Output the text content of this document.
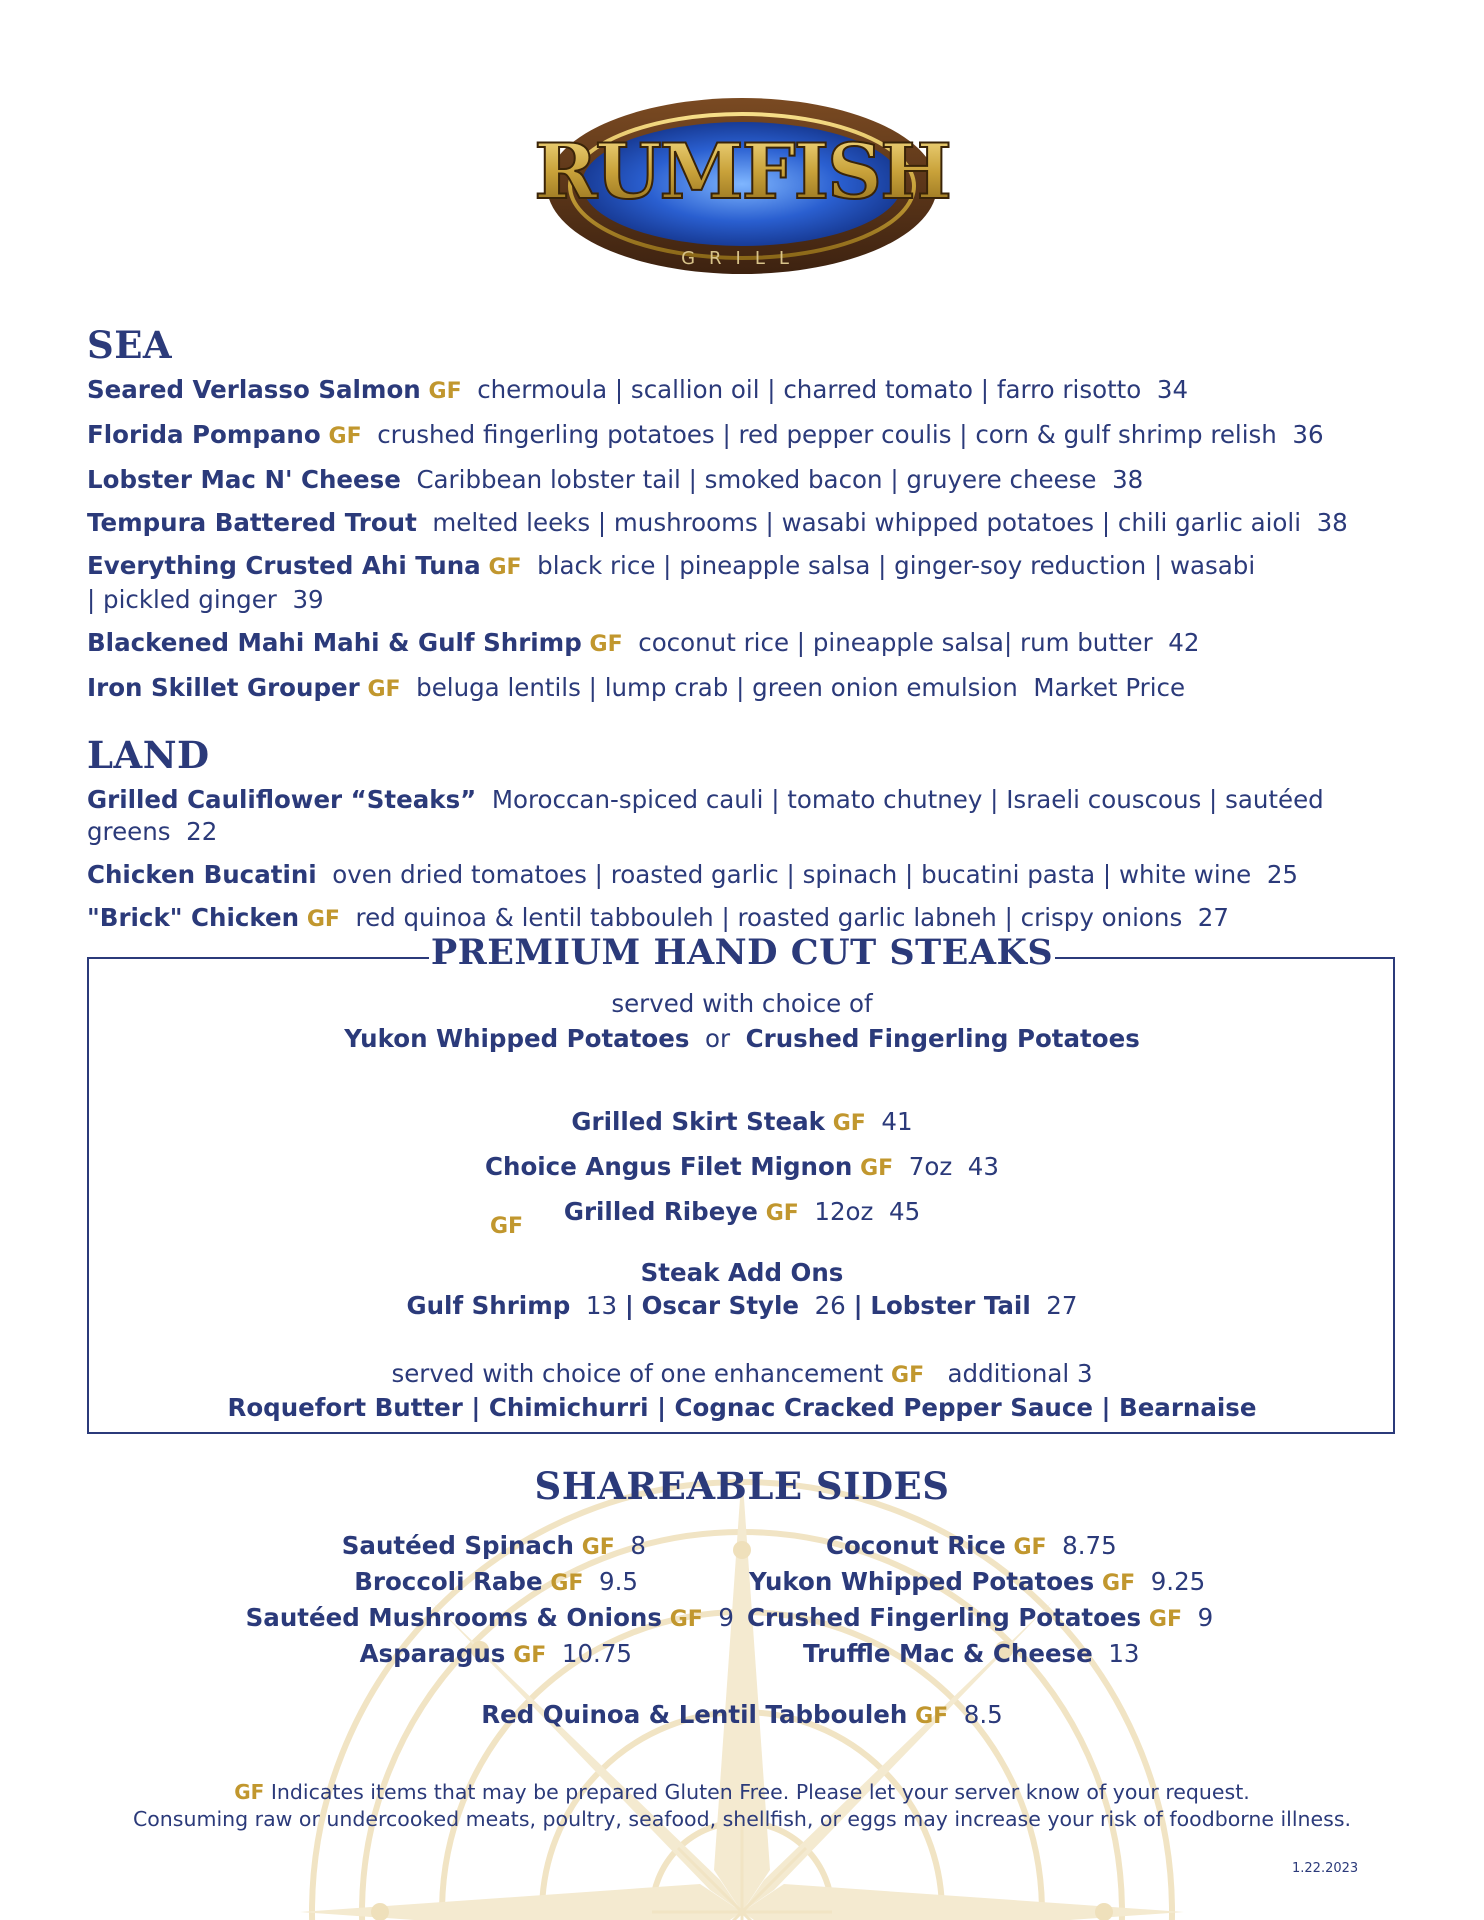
RUMFISH
GRILL
SEA

Seared Verlasso Salmon GF chermoula | scallion oil | charred tomato | farro risotto 34

Florida Pompano GF crushed fingerling potatoes | red pepper coulis | corn & gulf shrimp relish 36

Lobster Mac N' Cheese Caribbean lobster tail | smoked bacon | gruyere cheese 38

Tempura Battered Trout melted leeks | mushrooms | wasabi whipped potatoes | chili garlic aioli 38

Everything Crusted Ahi Tuna GF black rice | pineapple salsa | ginger-soy reduction | wasabi | pickled ginger 39

Blackened Mahi Mahi & Gulf Shrimp GF coconut rice | pineapple salsa| rum butter 42

Iron Skillet Grouper GF beluga lentils | lump crab | green onion emulsion Market Price

LAND

Grilled Cauliflower “Steaks” Moroccan-spiced cauli | tomato chutney | Israeli couscous | sautéed greens 22

Chicken Bucatini oven dried tomatoes | roasted garlic | spinach | bucatini pasta | white wine 25

"Brick" Chicken GF red quinoa & lentil tabbouleh | roasted garlic labneh | crispy onions 27

PREMIUM HAND CUT STEAKS

served with choice of

Yukon Whipped Potatoes or Crushed Fingerling Potatoes

Grilled Skirt Steak GF 41

Choice Angus Filet Mignon GF 7oz 43

Grilled Ribeye GF 12oz 45

GF

Steak Add Ons

Gulf Shrimp 13 | Oscar Style 26 | Lobster Tail 27

served with choice of one enhancement GF additional 3

Roquefort Butter | Chimichurri | Cognac Cracked Pepper Sauce | Bearnaise

SHAREABLE SIDES
Sautéed Spinach GF 8
Broccoli Rabe GF 9.5
Sautéed Mushrooms & Onions GF 9
Asparagus GF 10.75
Coconut Rice GF 8.75
Yukon Whipped Potatoes GF 9.25
Crushed Fingerling Potatoes GF 9
Truffle Mac & Cheese 13

Red Quinoa & Lentil Tabbouleh GF 8.5

GF Indicates items that may be prepared Gluten Free. Please let your server know of your request.

Consuming raw or undercooked meats, poultry, seafood, shellfish, or eggs may increase your risk of foodborne illness.

1.22.2023
